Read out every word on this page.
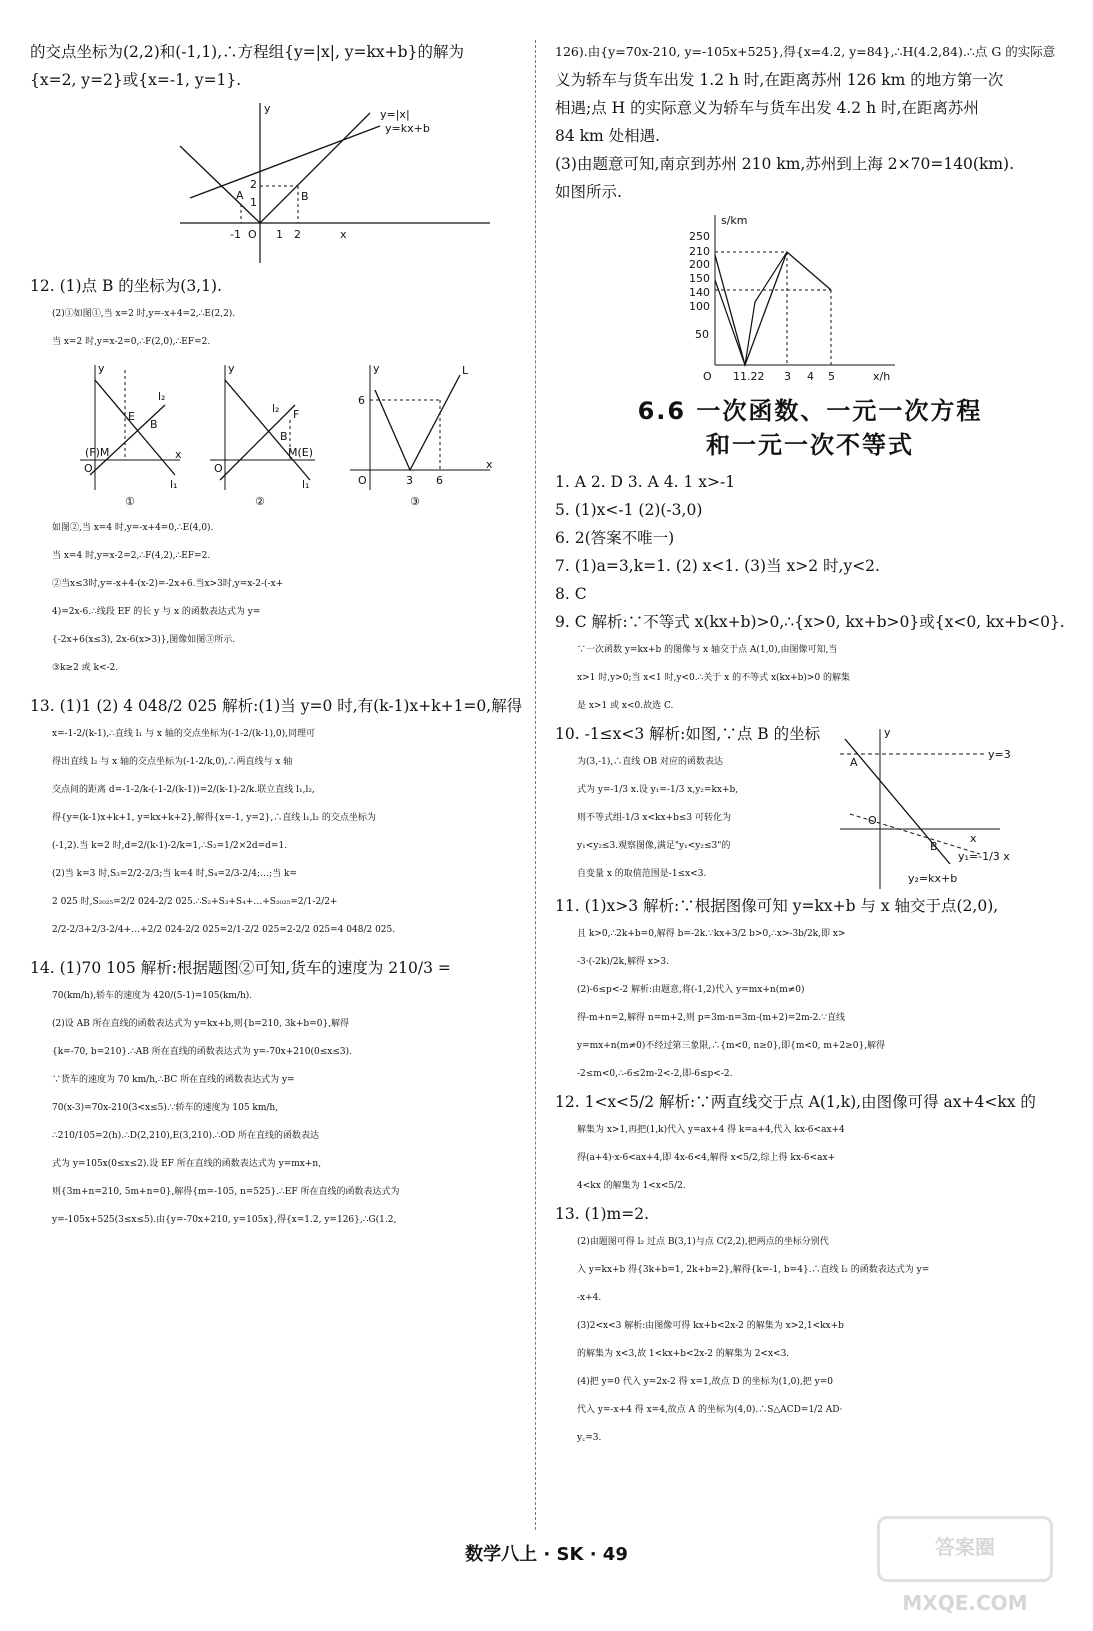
的交点坐标为(2,2)和(-1,1),∴方程组{y=|x|, y=kx+b}的解为
{x=2, y=2}或{x=-1, y=1}.
y=|x|
y=kx+b
A	B
2
1
-1 O 1 2	x
y
12. (1)点 B 的坐标为(3,1).
(2)①如图①,当 x=2 时,y=-x+4=2,∴E(2,2).
当 x=2 时,y=x-2=0,∴F(2,0),∴EF=2.
E
(F)M
B
l₂
l₁
O
x
y
①
l₂ F
B
M(E)
l₁
O
y
②
6
3 6
O
L
x
y
③
如图②,当 x=4 时,y=-x+4=0,∴E(4,0).
当 x=4 时,y=x-2=2,∴F(4,2),∴EF=2.
②当x≤3时,y=-x+4-(x-2)=-2x+6.当x>3时,y=x-2-(-x+
4)=2x-6.∴线段 EF 的长 y 与 x 的函数表达式为 y=
{-2x+6(x≤3), 2x-6(x>3)},图像如图③所示.
③k≥2 或 k<-2.
13. (1)1 (2) 4 048/2 025 解析:(1)当 y=0 时,有(k-1)x+k+1=0,解得
x=-1-2/(k-1),∴直线 l₁ 与 x 轴的交点坐标为(-1-2/(k-1),0),同理可
得出直线 l₂ 与 x 轴的交点坐标为(-1-2/k,0),∴两直线与 x 轴
交点间的距离 d=-1-2/k-(-1-2/(k-1))=2/(k-1)-2/k.联立直线 l₁,l₂,
得{y=(k-1)x+k+1, y=kx+k+2},解得{x=-1, y=2},∴直线 l₁,l₂ 的交点坐标为
(-1,2).当 k=2 时,d=2/(k-1)-2/k=1,∴S₂=1/2×2d=d=1.
(2)当 k=3 时,S₃=2/2-2/3;当 k=4 时,S₄=2/3-2/4;…;当 k=
2 025 时,S₂₀₂₅=2/2 024-2/2 025.∴S₂+S₃+S₄+…+S₂₀₂₅=2/1-2/2+
2/2-2/3+2/3-2/4+…+2/2 024-2/2 025=2/1-2/2 025=2-2/2 025=4 048/2 025.
14. (1)70 105 解析:根据题图②可知,货车的速度为 210/3 =
70(km/h),轿车的速度为 420/(5-1)=105(km/h).
(2)设 AB 所在直线的函数表达式为 y=kx+b,则{b=210, 3k+b=0},解得
{k=-70, b=210}.∴AB 所在直线的函数表达式为 y=-70x+210(0≤x≤3).
∵货车的速度为 70 km/h,∴BC 所在直线的函数表达式为 y=
70(x-3)=70x-210(3<x≤5).∵轿车的速度为 105 km/h,
∴210/105=2(h).∴D(2,210),E(3,210).∴OD 所在直线的函数表达
式为 y=105x(0≤x≤2).设 EF 所在直线的函数表达式为 y=mx+n,
则{3m+n=210, 5m+n=0},解得{m=-105, n=525}.∴EF 所在直线的函数表达式为
y=-105x+525(3≤x≤5).由{y=-70x+210, y=105x},得{x=1.2, y=126},∴G(1.2,
126).由{y=70x-210, y=-105x+525},得{x=4.2, y=84},∴H(4.2,84).∴点 G 的实际意
义为轿车与货车出发 1.2 h 时,在距离苏州 126 km 的地方第一次
相遇;点 H 的实际意义为轿车与货车出发 4.2 h 时,在距离苏州
84 km 处相遇.
(3)由题意可知,南京到苏州 210 km,苏州到上海 2×70=140(km).
如图所示.
s/km
x/h
250
210
200
150
140
100
50
O 11.22 3 4 5
6.6 一次函数、一元一次方程
和一元一次不等式
1. A 2. D 3. A 4. 1 x>-1
5. (1)x<-1 (2)(-3,0)
6. 2(答案不唯一)
7. (1)a=3,k=1. (2) x<1. (3)当 x>2 时,y<2.
8. C
9. C 解析:∵不等式 x(kx+b)>0,∴{x>0, kx+b>0}或{x<0, kx+b<0}.
∵一次函数 y=kx+b 的图像与 x 轴交于点 A(1,0),由图像可知,当
x>1 时,y>0;当 x<1 时,y<0.∴关于 x 的不等式 x(kx+b)>0 的解集
是 x>1 或 x<0.故选 C.
10. -1≤x<3 解析:如图,∵点 B 的坐标
为(3,-1),∴直线 OB 对应的函数表达
式为 y=-1/3 x.设 y₁=-1/3 x,y₂=kx+b,
则不等式组-1/3 x<kx+b≤3 可转化为
y₁<y₂≤3.观察图像,满足"y₁<y₂≤3"的
自变量 x 的取值范围是-1≤x<3.
y=3
A
B
O
x
y
y₁=-1/3 x
y₂=kx+b
11. (1)x>3 解析:∵根据图像可知 y=kx+b 与 x 轴交于点(2,0),
且 k>0,∴2k+b=0,解得 b=-2k.∵kx+3/2 b>0,∴x>-3b/2k,即 x>
-3·(-2k)/2k,解得 x>3.
(2)-6≤p<-2 解析:由题意,将(-1,2)代入 y=mx+n(m≠0)
得-m+n=2,解得 n=m+2,则 p=3m-n=3m-(m+2)=2m-2.∵直线
y=mx+n(m≠0)不经过第三象限,∴{m<0, n≥0},即{m<0, m+2≥0},解得
-2≤m<0,∴-6≤2m-2<-2,即-6≤p<-2.
12. 1<x<5/2 解析:∵两直线交于点 A(1,k),由图像可得 ax+4<kx 的
解集为 x>1,再把(1,k)代入 y=ax+4 得 k=a+4,代入 kx-6<ax+4
得(a+4)·x-6<ax+4,即 4x-6<4,解得 x<5/2,综上得 kx-6<ax+
4<kx 的解集为 1<x<5/2.
13. (1)m=2.
(2)由题图可得 l₂ 过点 B(3,1)与点 C(2,2),把两点的坐标分别代
入 y=kx+b 得{3k+b=1, 2k+b=2},解得{k=-1, b=4}.∴直线 l₂ 的函数表达式为 y=
-x+4.
(3)2<x<3 解析:由图像可得 kx+b<2x-2 的解集为 x>2,1<kx+b
的解集为 x<3,故 1<kx+b<2x-2 的解集为 2<x<3.
(4)把 y=0 代入 y=2x-2 得 x=1,故点 D 的坐标为(1,0),把 y=0
代入 y=-x+4 得 x=4,故点 A 的坐标为(4,0).∴S△ACD=1/2 AD·
y꜀=3.
数学八上 · SK · 49	答案圈 MXQE.COM
